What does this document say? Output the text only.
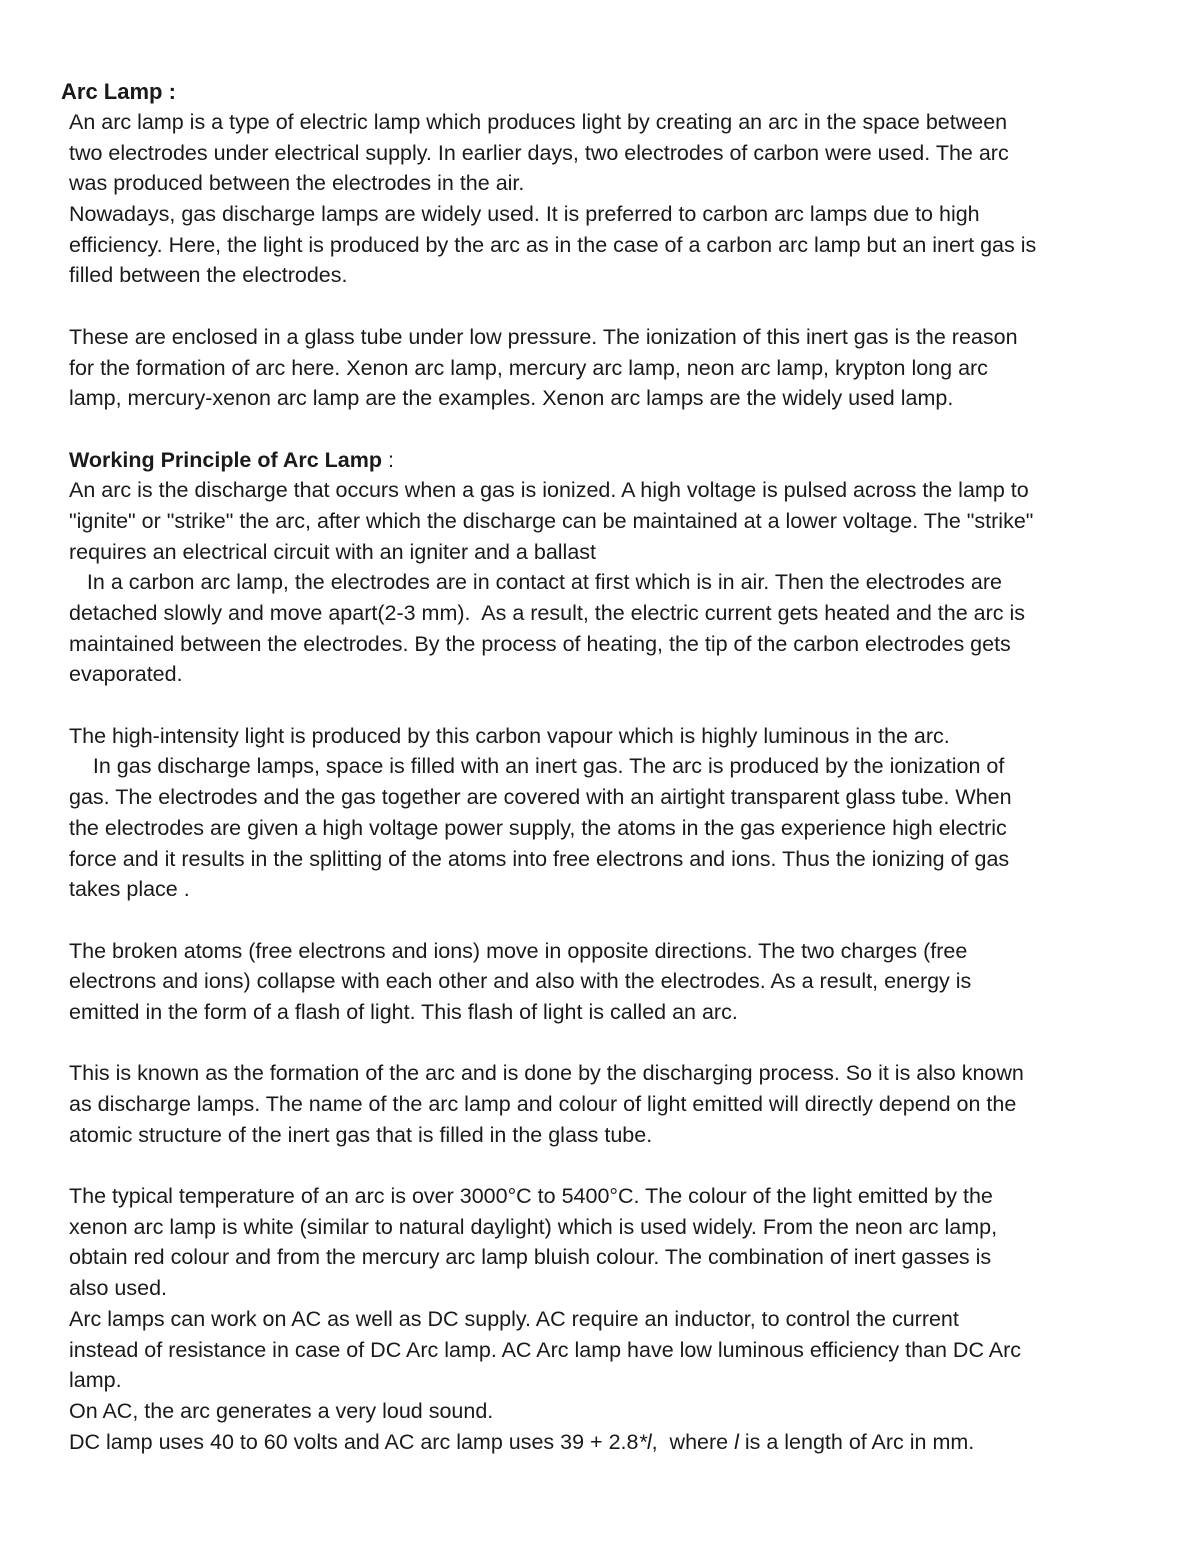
Arc Lamp :
An arc lamp is a type of electric lamp which produces light by creating an arc in the space between
two electrodes under electrical supply. In earlier days, two electrodes of carbon were used. The arc
was produced between the electrodes in the air.
Nowadays, gas discharge lamps are widely used. It is preferred to carbon arc lamps due to high
efficiency. Here, the light is produced by the arc as in the case of a carbon arc lamp but an inert gas is
filled between the electrodes.
These are enclosed in a glass tube under low pressure. The ionization of this inert gas is the reason
for the formation of arc here. Xenon arc lamp, mercury arc lamp, neon arc lamp, krypton long arc
lamp, mercury-xenon arc lamp are the examples. Xenon arc lamps are the widely used lamp.
Working Principle of Arc Lamp :
An arc is the discharge that occurs when a gas is ionized. A high voltage is pulsed across the lamp to
"ignite" or "strike" the arc, after which the discharge can be maintained at a lower voltage. The "strike"
requires an electrical circuit with an igniter and a ballast
In a carbon arc lamp, the electrodes are in contact at first which is in air. Then the electrodes are
detached slowly and move apart(2-3 mm).  As a result, the electric current gets heated and the arc is
maintained between the electrodes. By the process of heating, the tip of the carbon electrodes gets
evaporated.
The high-intensity light is produced by this carbon vapour which is highly luminous in the arc.
In gas discharge lamps, space is filled with an inert gas. The arc is produced by the ionization of
gas. The electrodes and the gas together are covered with an airtight transparent glass tube. When
the electrodes are given a high voltage power supply, the atoms in the gas experience high electric
force and it results in the splitting of the atoms into free electrons and ions. Thus the ionizing of gas
takes place .
The broken atoms (free electrons and ions) move in opposite directions. The two charges (free
electrons and ions) collapse with each other and also with the electrodes. As a result, energy is
emitted in the form of a flash of light. This flash of light is called an arc.
This is known as the formation of the arc and is done by the discharging process. So it is also known
as discharge lamps. The name of the arc lamp and colour of light emitted will directly depend on the
atomic structure of the inert gas that is filled in the glass tube.
The typical temperature of an arc is over 3000°C to 5400°C. The colour of the light emitted by the
xenon arc lamp is white (similar to natural daylight) which is used widely. From the neon arc lamp,
obtain red colour and from the mercury arc lamp bluish colour. The combination of inert gasses is
also used.
Arc lamps can work on AC as well as DC supply. AC require an inductor, to control the current
instead of resistance in case of DC Arc lamp. AC Arc lamp have low luminous efficiency than DC Arc
lamp.
On AC, the arc generates a very loud sound.
DC lamp uses 40 to 60 volts and AC arc lamp uses 39 + 2.8*l,  where l is a length of Arc in mm.
